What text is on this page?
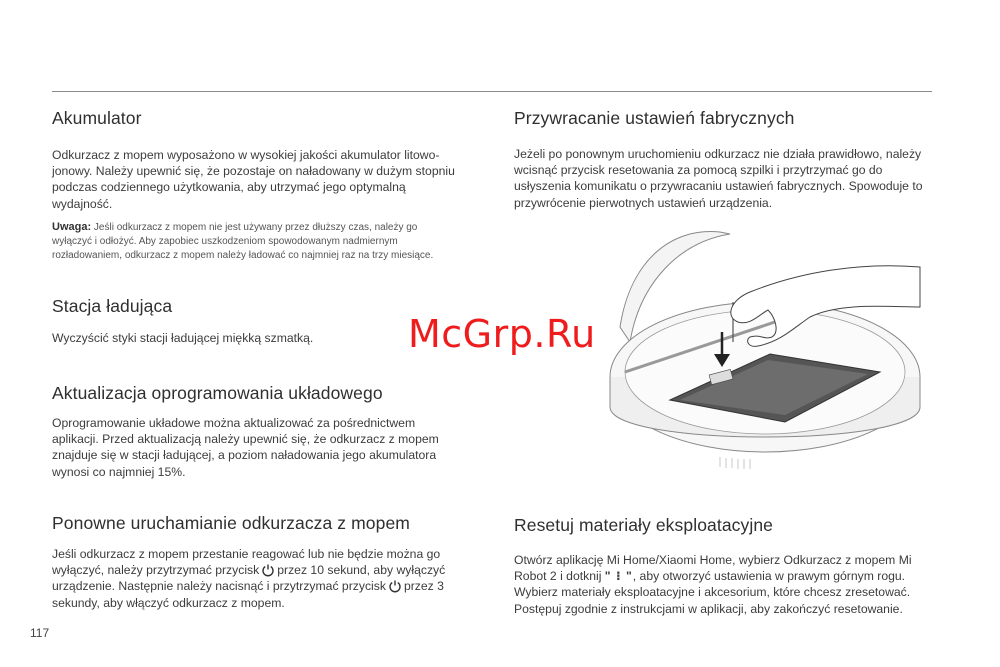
Akumulator

Odkurzacz z mopem wyposażono w wysokiej jakości akumulator litowo-jonowy. Należy upewnić się, że pozostaje on naładowany w dużym stopniu podczas codziennego użytkowania, aby utrzymać jego optymalną wydajność.

Uwaga: Jeśli odkurzacz z mopem nie jest używany przez dłuższy czas, należy go wyłączyć i odłożyć. Aby zapobiec uszkodzeniom spowodowanym nadmiernym rozładowaniem, odkurzacz z mopem należy ładować co najmniej raz na trzy miesiące.

Stacja ładująca

Wyczyścić styki stacji ładującej miękką szmatką.

Aktualizacja oprogramowania układowego

Oprogramowanie układowe można aktualizować za pośrednictwem aplikacji. Przed aktualizacją należy upewnić się, że odkurzacz z mopem znajduje się w stacji ładującej, a poziom naładowania jego akumulatora wynosi co najmniej 15%.

Ponowne uruchamianie odkurzacza z mopem

Jeśli odkurzacz z mopem przestanie reagować lub nie będzie można go wyłączyć, należy przytrzymać przycisk przez 10 sekund, aby wyłączyć urządzenie. Następnie należy nacisnąć i przytrzymać przycisk przez 3 sekundy, aby włączyć odkurzacz z mopem.

117
Przywracanie ustawień fabrycznych

Jeżeli po ponownym uruchomieniu odkurzacz nie działa prawidłowo, należy wcisnąć przycisk resetowania za pomocą szpilki i przytrzymać go do usłyszenia komunikatu o przywracaniu ustawień fabrycznych. Spowoduje to przywrócenie pierwotnych ustawień urządzenia.

McGrp.Ru
Resetuj materiały eksploatacyjne

Otwórz aplikację Mi Home/Xiaomi Home, wybierz Odkurzacz z mopem Mi Robot 2 i dotknij " ⁝ ", aby otworzyć ustawienia w prawym górnym rogu. Wybierz materiały eksploatacyjne i akcesorium, które chcesz zresetować. Postępuj zgodnie z instrukcjami w aplikacji, aby zakończyć resetowanie.
